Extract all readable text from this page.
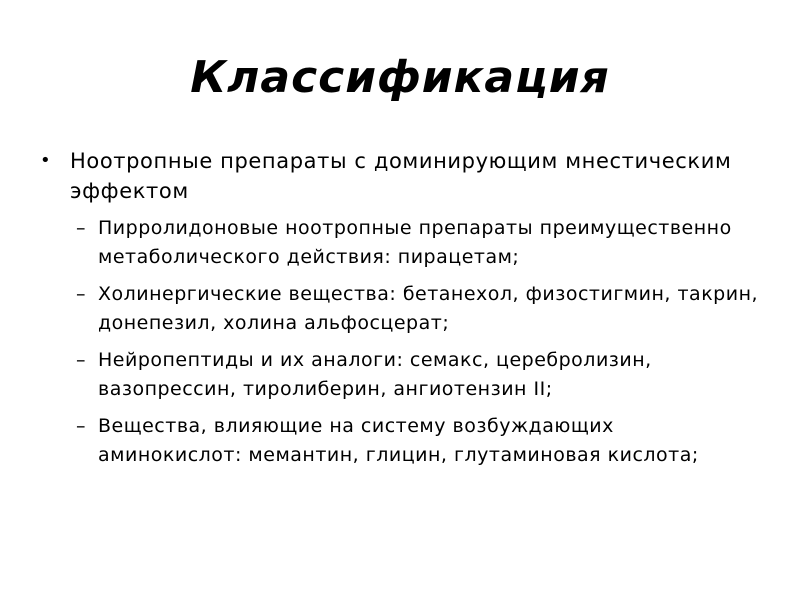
Классификация
• Ноотропные препараты с доминирующим мнестическим эффектом
– Пирролидоновые ноотропные препараты преимущественно метаболического действия: пирацетам;
– Холинергические вещества: бетанехол, физостигмин, такрин, донепезил, холина альфосцерат;
– Нейропептиды и их аналоги: семакс, церебролизин, вазопрессин, тиролиберин, ангиотензин II;
– Вещества, влияющие на систему возбуждающих аминокислот: мемантин, глицин, глутаминовая кислота;
